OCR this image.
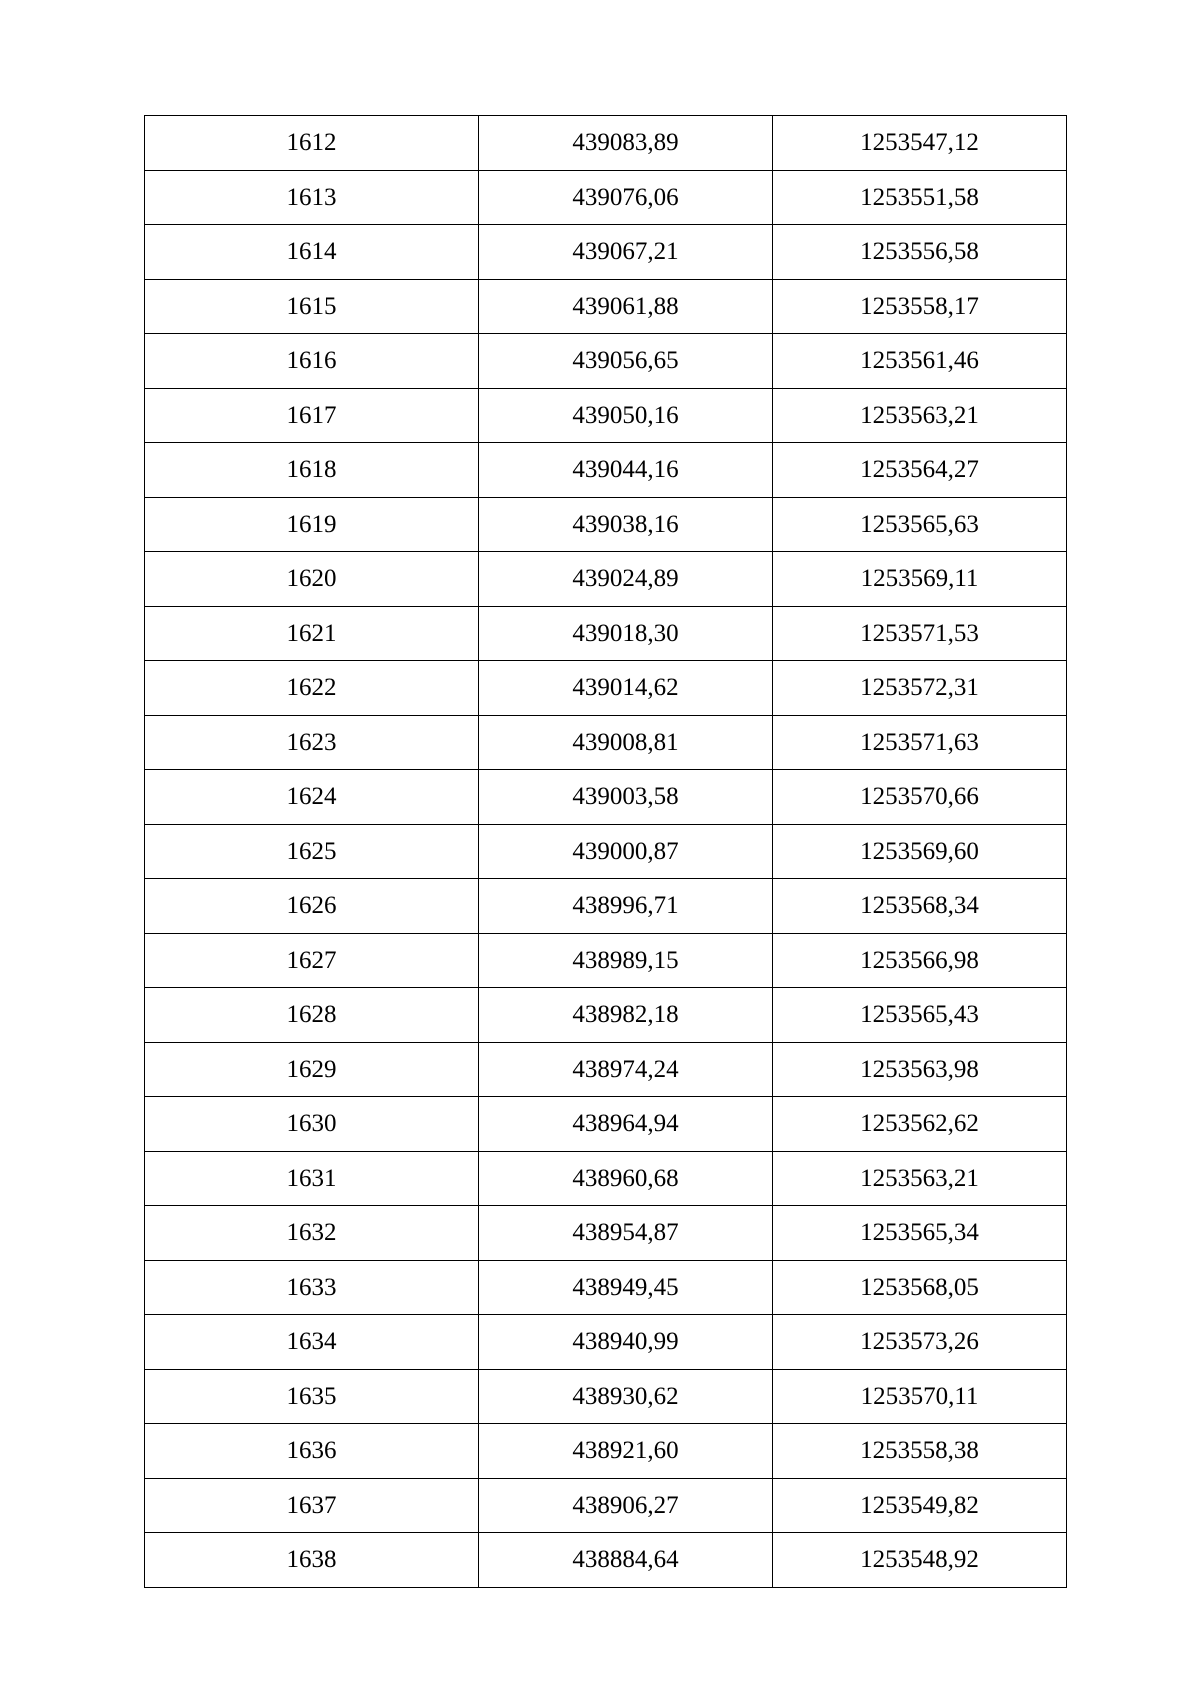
1612	439083,89	1253547,12
1613	439076,06	1253551,58
1614	439067,21	1253556,58
1615	439061,88	1253558,17
1616	439056,65	1253561,46
1617	439050,16	1253563,21
1618	439044,16	1253564,27
1619	439038,16	1253565,63
1620	439024,89	1253569,11
1621	439018,30	1253571,53
1622	439014,62	1253572,31
1623	439008,81	1253571,63
1624	439003,58	1253570,66
1625	439000,87	1253569,60
1626	438996,71	1253568,34
1627	438989,15	1253566,98
1628	438982,18	1253565,43
1629	438974,24	1253563,98
1630	438964,94	1253562,62
1631	438960,68	1253563,21
1632	438954,87	1253565,34
1633	438949,45	1253568,05
1634	438940,99	1253573,26
1635	438930,62	1253570,11
1636	438921,60	1253558,38
1637	438906,27	1253549,82
1638	438884,64	1253548,92
